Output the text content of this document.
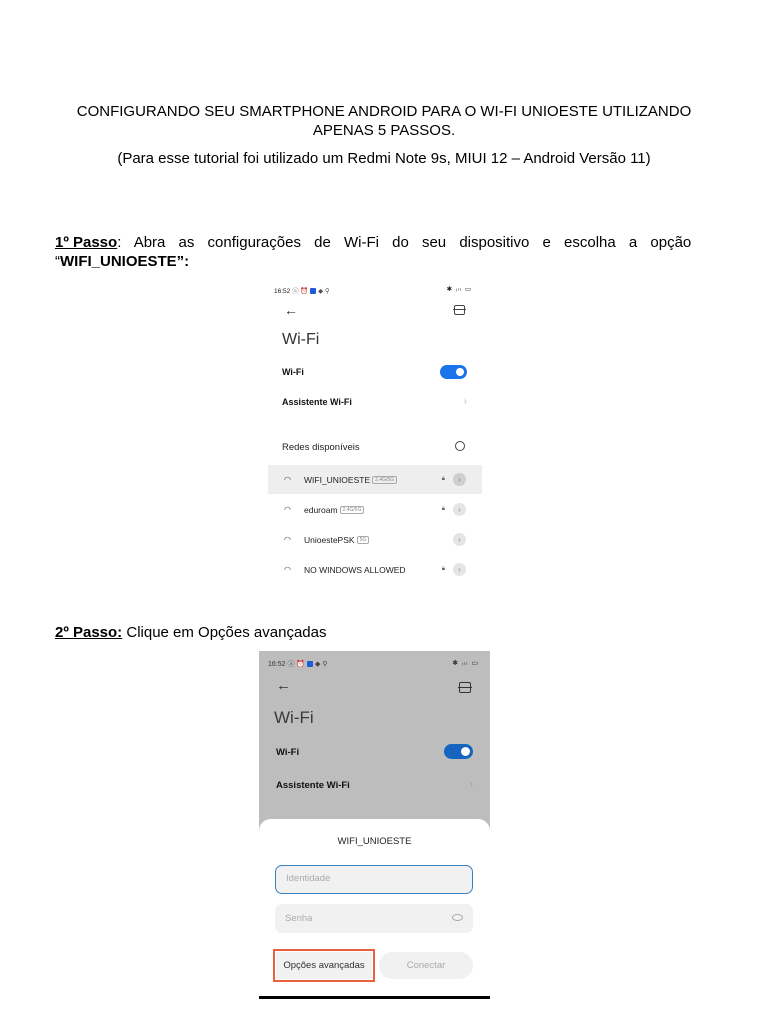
CONFIGURANDO SEU SMARTPHONE ANDROID PARA O WI-FI UNIOESTE UTILIZANDO
APENAS 5 PASSOS.
(Para esse tutorial foi utilizado um Redmi Note 9s, MIUI 12 – Android Versão 11)
1º Passo: Abra as configurações de Wi-Fi do seu dispositivo e escolha a opção
“WIFI_UNIOESTE”:
16:52 ⓐ ⏰  ◆ ⚲	✱ ᵢₗₗ ▭
←
Wi-Fi
Wi-Fi
Assistente Wi-Fi	›
Redes disponíveis
◠ WIFI_UNIOESTE 2.4G/5G	🔒︎	›
◠ eduroam 2.4G/5G	🔒︎	›
◠ UnioestePSK 5G	›
◠ NO WINDOWS ALLOWED	🔒︎	›
2º Passo: Clique em Opções avançadas
16:52 ⓐ ⏰  ◆ ⚲	✱ ᵢₗₗ ▭
←
Wi-Fi
Wi-Fi
Assistente Wi-Fi	›
WIFI_UNIOESTE
Identidade
Senha
Opções avançadas	Conectar
